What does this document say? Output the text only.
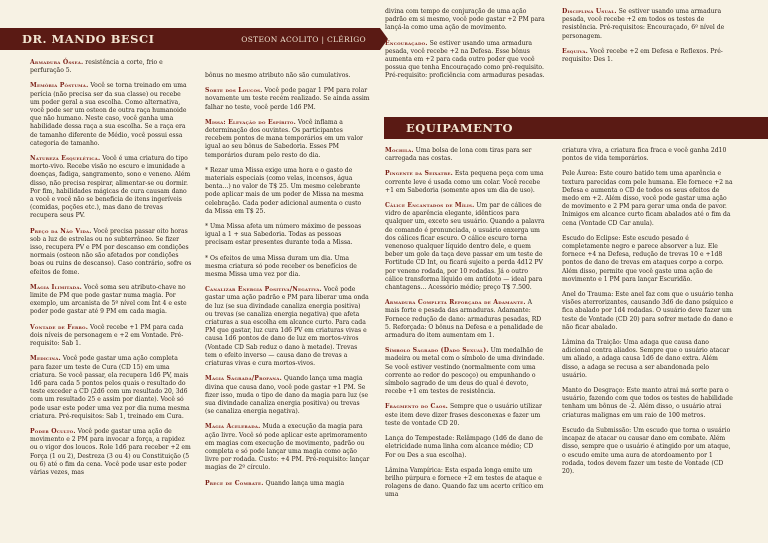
DR. MANDO BESCI	OSTEON ACOLITO | CLÉRIGO
EQUIPAMENTO

Armadura Óssea. resistência a corte, frio e perfuração 5.

Memória Póstuma. Você se torna treinado em uma perícia (não precisa ser da sua classe) ou recebe um poder geral a sua escolha. Como alternativa, você pode ser um osteon de outra raça humanoide que não humano. Neste caso, você ganha uma habilidade dessa raça a sua escolha. Se a raça era de tamanho diferente de Médio, você possui essa categoria de tamanho.

Natureza Esquelética. Você é uma criatura do tipo morto-vivo. Recebe visão no escuro e imunidade a doenças, fadiga, sangramento, sono e veneno. Além disso, não precisa respirar, alimentar-se ou dormir. Por fim, habilidades mágicas de cura causam dano a você e você não se beneficia de itens ingeríveis (comidas, poções etc.), mas dano de trevas recupera seus PV.

Preço da Não Vida. Você precisa passar oito horas sob a luz de estrelas ou no subterrâneo. Se fizer isso, recupera PV e PM por descanso em condições normais (osteon não são afetados por condições boas ou ruins de descanso). Caso contrário, sofre os efeitos de fome.

Magia Ilimitada. Você soma seu atributo-chave no limite de PM que pode gastar numa magia. Por exemplo, um arcanista de 5º nível com Int 4 e este poder pode gastar até 9 PM em cada magia.

Vontade de Ferro. Você recebe +1 PM para cada dois níveis de personagem e +2 em Vontade. Pré-requisito: Sab 1.

Medicina. Você pode gastar uma ação completa para fazer um teste de Cura (CD 15) em uma criatura. Se você passar, ela recupera 1d6 PV, mais 1d6 para cada 5 pontos pelos quais o resultado do teste exceder a CD (2d6 com um resultado 20, 3d6 com um resultado 25 e assim por diante). Você só pode usar este poder uma vez por dia numa mesma criatura. Pré-requisitos: Sab 1, treinado em Cura.

Poder Oculto. Você pode gastar uma ação de movimento e 2 PM para invocar a força, a rapidez ou o vigor dos loucos. Role 1d6 para receber +2 em Força (1 ou 2), Destreza (3 ou 4) ou Constituição (5 ou 6) até o fim da cena. Você pode usar este poder várias vezes, mas

bônus no mesmo atributo não são cumulativos.

Sorte dos Loucos. Você pode pagar 1 PM para rolar novamente um teste recém realizado. Se ainda assim falhar no teste, você perde 1d6 PM.

Missa: Elevação do Espírito. Você inflama a determinação dos ouvintes. Os participantes recebem pontos de mana temporários em um valor igual ao seu bônus de Sabedoria. Esses PM temporários duram pelo resto do dia.

* Rezar uma Missa exige uma hora e o gasto de materiais especiais (como velas, incensos, água benta...) no valor de T$ 25. Um mesmo celebrante pode aplicar mais de um poder de Missa na mesma celebração. Cada poder adicional aumenta o custo da Missa em T$ 25.

* Uma Missa afeta um número máximo de pessoas igual a 1 + sua Sabedoria. Todas as pessoas precisam estar presentes durante toda a Missa.

* Os efeitos de uma Missa duram um dia. Uma mesma criatura só pode receber os benefícios de mesma Missa uma vez por dia.

Canalizar Energia Positiva/Negativa. Você pode gastar uma ação padrão e PM para liberar uma onda de luz (se sua divindade canaliza energia positiva) ou trevas (se canaliza energia negativa) que afeta criaturas a sua escolha em alcance curto. Para cada PM que gastar, luz cura 1d6 PV em criaturas vivas e causa 1d6 pontos de dano de luz em mortos-vivos (Vontade CD Sab reduz o dano à metade). Trevas tem o efeito inverso — causa dano de trevas a criaturas vivas e cura mortos-vivos.

Magia Sagrada/Profana. Quando lança uma magia divina que causa dano, você pode gastar +1 PM. Se fizer isso, muda o tipo de dano da magia para luz (se sua divindade canaliza energia positiva) ou trevas (se canaliza energia negativa).

Magia Acelerada. Muda a execução da magia para ação livre. Você só pode aplicar este aprimoramento em magias com execução de movimento, padrão ou completa e só pode lançar uma magia como ação livre por rodada. Custo: +4 PM. Pré-requisito: lançar magias de 2º círculo.

Prece de Combate. Quando lança uma magia

divina com tempo de conjuração de uma ação padrão em si mesmo, você pode gastar +2 PM para lançá-la como uma ação de movimento.

Encouraçado. Se estiver usando uma armadura pesada, você recebe +2 na Defesa. Esse bônus aumenta em +2 para cada outro poder que você possua que tenha Encouraçado como pré-requisito. Pré-requisito: proficiência com armaduras pesadas.

Mochila. Uma bolsa de lona com tiras para ser carregada nas costas.

Pingente da Seixatre. Esta pequena peça com uma corrente leve é usada como um colar. Você recebe +1 em Sabedoria (somente apos um dia de uso).

Cálice Encantados de Mílis. Um par de cálices de vidro de aparência elegante, idênticos para qualquer um, exceto seu usuário. Quando a palavra de comando é pronunciada, o usuário enxerga um dos cálices ficar escuro. O cálice escuro torna venenoso qualquer líquido dentro dele, e quem beber um gole da taça deve passar em um teste de Fortitude CD Int, ou ficará sujeito a perda 4d12 PV por veneno rodada, por 10 rodadas. Já o outro cálice transforma líquido em antídoto — ideal para chantagens... Acessório médio; preço T$ 7.500.

Armadura Completa Reforçada de Adamante. A mais forte e pesada das armaduras. Adamante: Fornece redução de dano: armaduras pesadas, RD 5. Reforçada: O bônus na Defesa e a penalidade de armadura do item aumentam em 1.

Símbolo Sagrado (Dado Sexual). Um medalhão de madeira ou metal com o símbolo de uma divindade. Se você estiver vestindo (normalmente com uma corrente ao redor do pescoço) ou empunhando o símbolo sagrado de um deus do qual é devoto, recebe +1 em testes de resistência.

Fragmento do Caos. Sempre que o usuário utilizar este item deve dizer frases desconexas e fazer um teste de vontade CD 20.

Lança do Tempestade: Relâmpago (1d6 de dano de eletricidade numa linha com alcance médio; CD For ou Des a sua escolha).

Lâmina Vampírica: Esta espada longa emite um brilho púrpura e fornece +2 em testes de ataque e rolagens de dano. Quando faz um acerto crítico em uma

Disciplina Usual. Se estiver usando uma armadura pesada, você recebe +2 em todos os testes de resistência. Pré-requisitos: Encouraçado, 6º nível de personagem.

Esquiva. Você recebe +2 em Defesa e Reflexos. Pré-requisito: Des 1.

criatura viva, a criatura fica fraca e você ganha 2d10 pontos de vida temporários.

Pele Áurea: Este couro batido tem uma aparência e textura parecidas com pele humana. Ele fornece +2 na Defesa e aumenta o CD de todos os seus efeitos de medo em +2. Além disso, você pode gastar uma ação de movimento e 2 PM para gerar uma onda de pavor. Inimigos em alcance curto ficam abalados até o fim da cena (Vontade CD Car anula).

Escudo do Eclipse: Este escudo pesado é completamente negro e parece absorver a luz. Ele fornece +4 na Defesa, redução de trevas 10 e +1d8 pontos de dano de trevas em ataques corpo a corpo. Além disso, permite que você gaste uma ação de movimento e 1 PM para lançar Escuridão.

Anel do Trauma: Este anel faz com que o usuário tenha visões aterrorizantes, causando 3d6 de dano psíquico e fica abalado por 1d4 rodadas. O usuário deve fazer um teste de Vontade (CD 20) para sofrer metade do dano e não ficar abalado.

Lâmina da Traição: Uma adaga que causa dano adicional contra aliados. Sempre que o usuário atacar um aliado, a adaga causa 1d6 de dano extra. Além disso, a adaga se recusa a ser abandonada pelo usuário.

Manto do Desgraço: Este manto atrai má sorte para o usuário, fazendo com que todos os testes de habilidade tenham um bônus de -2. Além disso, o usuário atrai criaturas malignas em um raio de 100 metros.

Escudo da Submissão: Um escudo que torna o usuário incapaz de atacar ou causar dano em combate. Além disso, sempre que o usuário é atingido por um ataque, o escudo emite uma aura de atordoamento por 1 rodada, todos devem fazer um teste de Vontade (CD 20).
